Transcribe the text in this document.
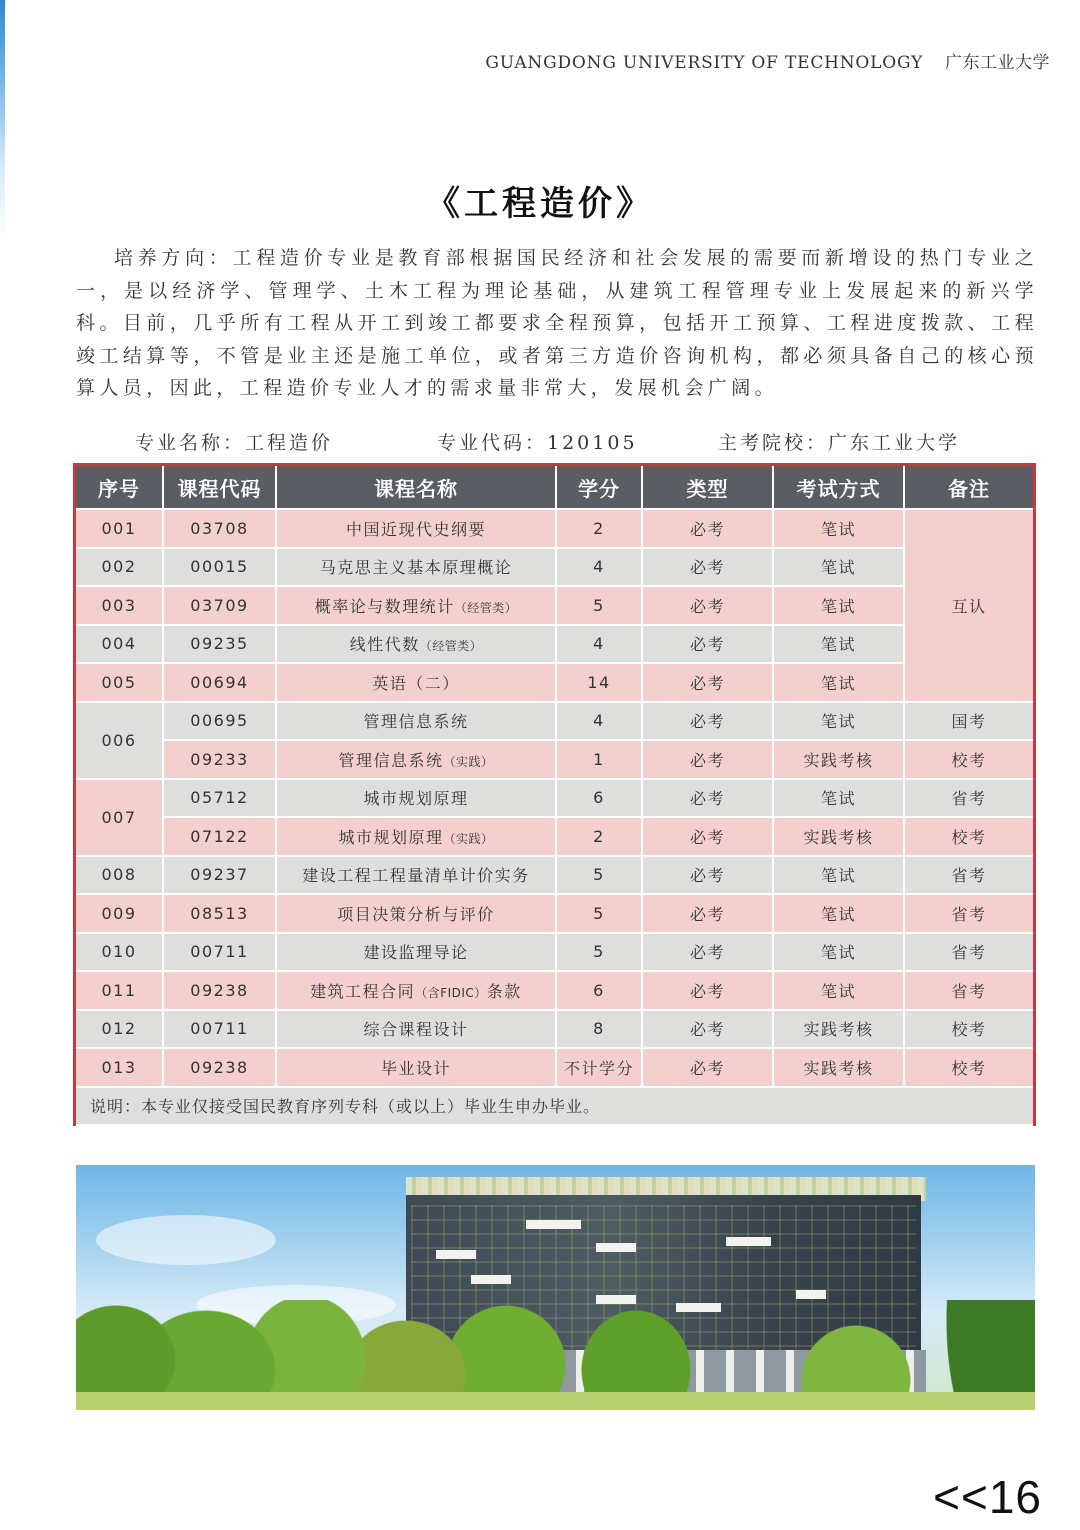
GUANGDONG UNIVERSITY OF TECHNOLOGY 广东工业大学
《工程造价》

培养方向：工程造价专业是教育部根据国民经济和社会发展的需要而新增设的热门专业之一，是以经济学、管理学、土木工程为理论基础，从建筑工程管理专业上发展起来的新兴学科。目前，几乎所有工程从开工到竣工都要求全程预算，包括开工预算、工程进度拨款、工程竣工结算等，不管是业主还是施工单位，或者第三方造价咨询机构，都必须具备自己的核心预算人员，因此，工程造价专业人才的需求量非常大，发展机会广阔。

专业名称：工程造价	专业代码：120105	主考院校：广东工业大学
序号	课程代码	课程名称	学分	类型	考试方式	备注
001	03708	中国近现代史纲要	2	必考	笔试	互认
002	00015	马克思主义基本原理概论	4	必考	笔试	
003	03709	概率论与数理统计（经管类）	5	必考	笔试	
004	09235	线性代数（经管类）	4	必考	笔试	
005	00694	英语（二）	14	必考	笔试	
006	00695	管理信息系统	4	必考	笔试	国考
	09233	管理信息系统（实践）	1	必考	实践考核	校考
007	05712	城市规划原理	6	必考	笔试	省考
	07122	城市规划原理（实践）	2	必考	实践考核	校考
008	09237	建设工程工程量清单计价实务	5	必考	笔试	省考
009	08513	项目决策分析与评价	5	必考	笔试	省考
010	00711	建设监理导论	5	必考	笔试	省考
011	09238	建筑工程合同（含FIDIC）条款	6	必考	笔试	省考
012	00711	综合课程设计	8	必考	实践考核	校考
013	09238	毕业设计	不计学分	必考	实践考核	校考
说明：本专业仅接受国民教育序列专科（或以上）毕业生申办毕业。						
<<16
